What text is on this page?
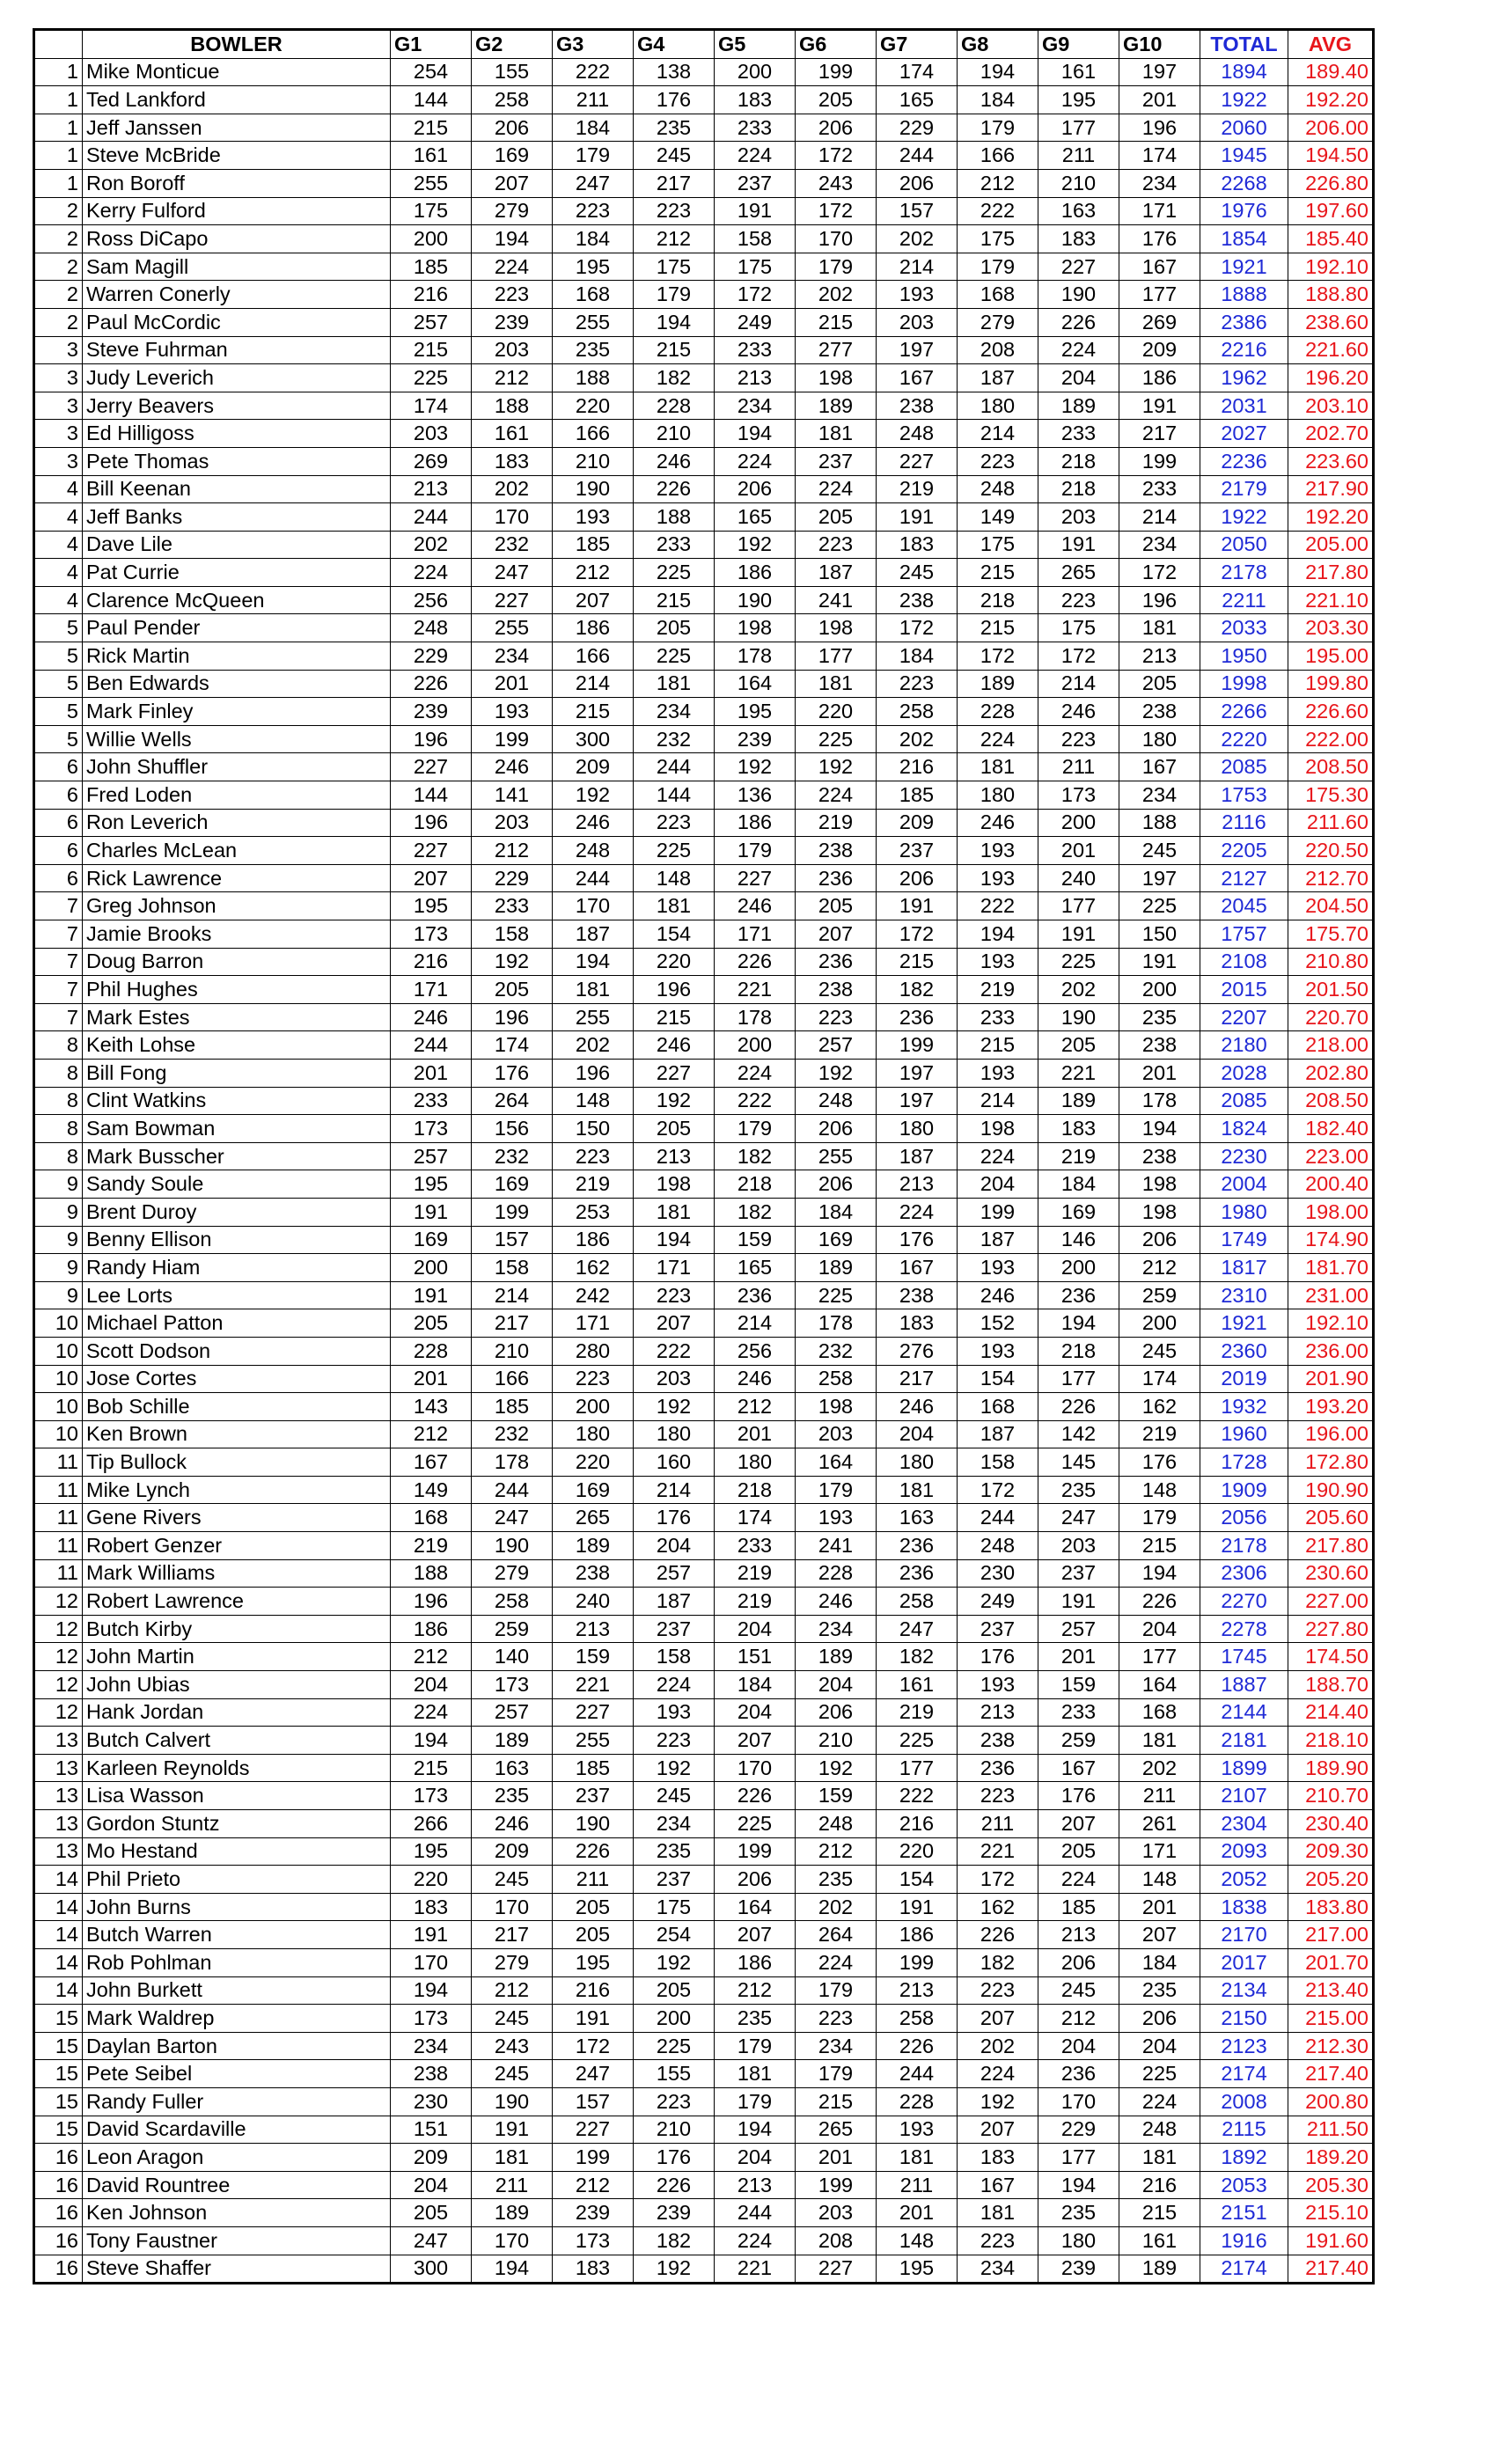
	BOWLER	G1	G2	G3	G4	G5	G6	G7	G8	G9	G10	TOTAL	AVG
1	Mike Monticue	254	155	222	138	200	199	174	194	161	197	1894	189.40
1	Ted Lankford	144	258	211	176	183	205	165	184	195	201	1922	192.20
1	Jeff Janssen	215	206	184	235	233	206	229	179	177	196	2060	206.00
1	Steve McBride	161	169	179	245	224	172	244	166	211	174	1945	194.50
1	Ron Boroff	255	207	247	217	237	243	206	212	210	234	2268	226.80
2	Kerry Fulford	175	279	223	223	191	172	157	222	163	171	1976	197.60
2	Ross DiCapo	200	194	184	212	158	170	202	175	183	176	1854	185.40
2	Sam Magill	185	224	195	175	175	179	214	179	227	167	1921	192.10
2	Warren Conerly	216	223	168	179	172	202	193	168	190	177	1888	188.80
2	Paul McCordic	257	239	255	194	249	215	203	279	226	269	2386	238.60
3	Steve Fuhrman	215	203	235	215	233	277	197	208	224	209	2216	221.60
3	Judy Leverich	225	212	188	182	213	198	167	187	204	186	1962	196.20
3	Jerry Beavers	174	188	220	228	234	189	238	180	189	191	2031	203.10
3	Ed Hilligoss	203	161	166	210	194	181	248	214	233	217	2027	202.70
3	Pete Thomas	269	183	210	246	224	237	227	223	218	199	2236	223.60
4	Bill Keenan	213	202	190	226	206	224	219	248	218	233	2179	217.90
4	Jeff Banks	244	170	193	188	165	205	191	149	203	214	1922	192.20
4	Dave Lile	202	232	185	233	192	223	183	175	191	234	2050	205.00
4	Pat Currie	224	247	212	225	186	187	245	215	265	172	2178	217.80
4	Clarence McQueen	256	227	207	215	190	241	238	218	223	196	2211	221.10
5	Paul Pender	248	255	186	205	198	198	172	215	175	181	2033	203.30
5	Rick Martin	229	234	166	225	178	177	184	172	172	213	1950	195.00
5	Ben Edwards	226	201	214	181	164	181	223	189	214	205	1998	199.80
5	Mark Finley	239	193	215	234	195	220	258	228	246	238	2266	226.60
5	Willie Wells	196	199	300	232	239	225	202	224	223	180	2220	222.00
6	John Shuffler	227	246	209	244	192	192	216	181	211	167	2085	208.50
6	Fred Loden	144	141	192	144	136	224	185	180	173	234	1753	175.30
6	Ron Leverich	196	203	246	223	186	219	209	246	200	188	2116	211.60
6	Charles McLean	227	212	248	225	179	238	237	193	201	245	2205	220.50
6	Rick Lawrence	207	229	244	148	227	236	206	193	240	197	2127	212.70
7	Greg Johnson	195	233	170	181	246	205	191	222	177	225	2045	204.50
7	Jamie Brooks	173	158	187	154	171	207	172	194	191	150	1757	175.70
7	Doug Barron	216	192	194	220	226	236	215	193	225	191	2108	210.80
7	Phil Hughes	171	205	181	196	221	238	182	219	202	200	2015	201.50
7	Mark Estes	246	196	255	215	178	223	236	233	190	235	2207	220.70
8	Keith Lohse	244	174	202	246	200	257	199	215	205	238	2180	218.00
8	Bill Fong	201	176	196	227	224	192	197	193	221	201	2028	202.80
8	Clint Watkins	233	264	148	192	222	248	197	214	189	178	2085	208.50
8	Sam Bowman	173	156	150	205	179	206	180	198	183	194	1824	182.40
8	Mark Busscher	257	232	223	213	182	255	187	224	219	238	2230	223.00
9	Sandy Soule	195	169	219	198	218	206	213	204	184	198	2004	200.40
9	Brent Duroy	191	199	253	181	182	184	224	199	169	198	1980	198.00
9	Benny Ellison	169	157	186	194	159	169	176	187	146	206	1749	174.90
9	Randy Hiam	200	158	162	171	165	189	167	193	200	212	1817	181.70
9	Lee Lorts	191	214	242	223	236	225	238	246	236	259	2310	231.00
10	Michael Patton	205	217	171	207	214	178	183	152	194	200	1921	192.10
10	Scott Dodson	228	210	280	222	256	232	276	193	218	245	2360	236.00
10	Jose Cortes	201	166	223	203	246	258	217	154	177	174	2019	201.90
10	Bob Schille	143	185	200	192	212	198	246	168	226	162	1932	193.20
10	Ken Brown	212	232	180	180	201	203	204	187	142	219	1960	196.00
11	Tip Bullock	167	178	220	160	180	164	180	158	145	176	1728	172.80
11	Mike Lynch	149	244	169	214	218	179	181	172	235	148	1909	190.90
11	Gene Rivers	168	247	265	176	174	193	163	244	247	179	2056	205.60
11	Robert Genzer	219	190	189	204	233	241	236	248	203	215	2178	217.80
11	Mark Williams	188	279	238	257	219	228	236	230	237	194	2306	230.60
12	Robert Lawrence	196	258	240	187	219	246	258	249	191	226	2270	227.00
12	Butch Kirby	186	259	213	237	204	234	247	237	257	204	2278	227.80
12	John Martin	212	140	159	158	151	189	182	176	201	177	1745	174.50
12	John Ubias	204	173	221	224	184	204	161	193	159	164	1887	188.70
12	Hank Jordan	224	257	227	193	204	206	219	213	233	168	2144	214.40
13	Butch Calvert	194	189	255	223	207	210	225	238	259	181	2181	218.10
13	Karleen Reynolds	215	163	185	192	170	192	177	236	167	202	1899	189.90
13	Lisa Wasson	173	235	237	245	226	159	222	223	176	211	2107	210.70
13	Gordon Stuntz	266	246	190	234	225	248	216	211	207	261	2304	230.40
13	Mo Hestand	195	209	226	235	199	212	220	221	205	171	2093	209.30
14	Phil Prieto	220	245	211	237	206	235	154	172	224	148	2052	205.20
14	John Burns	183	170	205	175	164	202	191	162	185	201	1838	183.80
14	Butch Warren	191	217	205	254	207	264	186	226	213	207	2170	217.00
14	Rob Pohlman	170	279	195	192	186	224	199	182	206	184	2017	201.70
14	John Burkett	194	212	216	205	212	179	213	223	245	235	2134	213.40
15	Mark Waldrep	173	245	191	200	235	223	258	207	212	206	2150	215.00
15	Daylan Barton	234	243	172	225	179	234	226	202	204	204	2123	212.30
15	Pete Seibel	238	245	247	155	181	179	244	224	236	225	2174	217.40
15	Randy Fuller	230	190	157	223	179	215	228	192	170	224	2008	200.80
15	David Scardaville	151	191	227	210	194	265	193	207	229	248	2115	211.50
16	Leon Aragon	209	181	199	176	204	201	181	183	177	181	1892	189.20
16	David Rountree	204	211	212	226	213	199	211	167	194	216	2053	205.30
16	Ken Johnson	205	189	239	239	244	203	201	181	235	215	2151	215.10
16	Tony Faustner	247	170	173	182	224	208	148	223	180	161	1916	191.60
16	Steve Shaffer	300	194	183	192	221	227	195	234	239	189	2174	217.40
